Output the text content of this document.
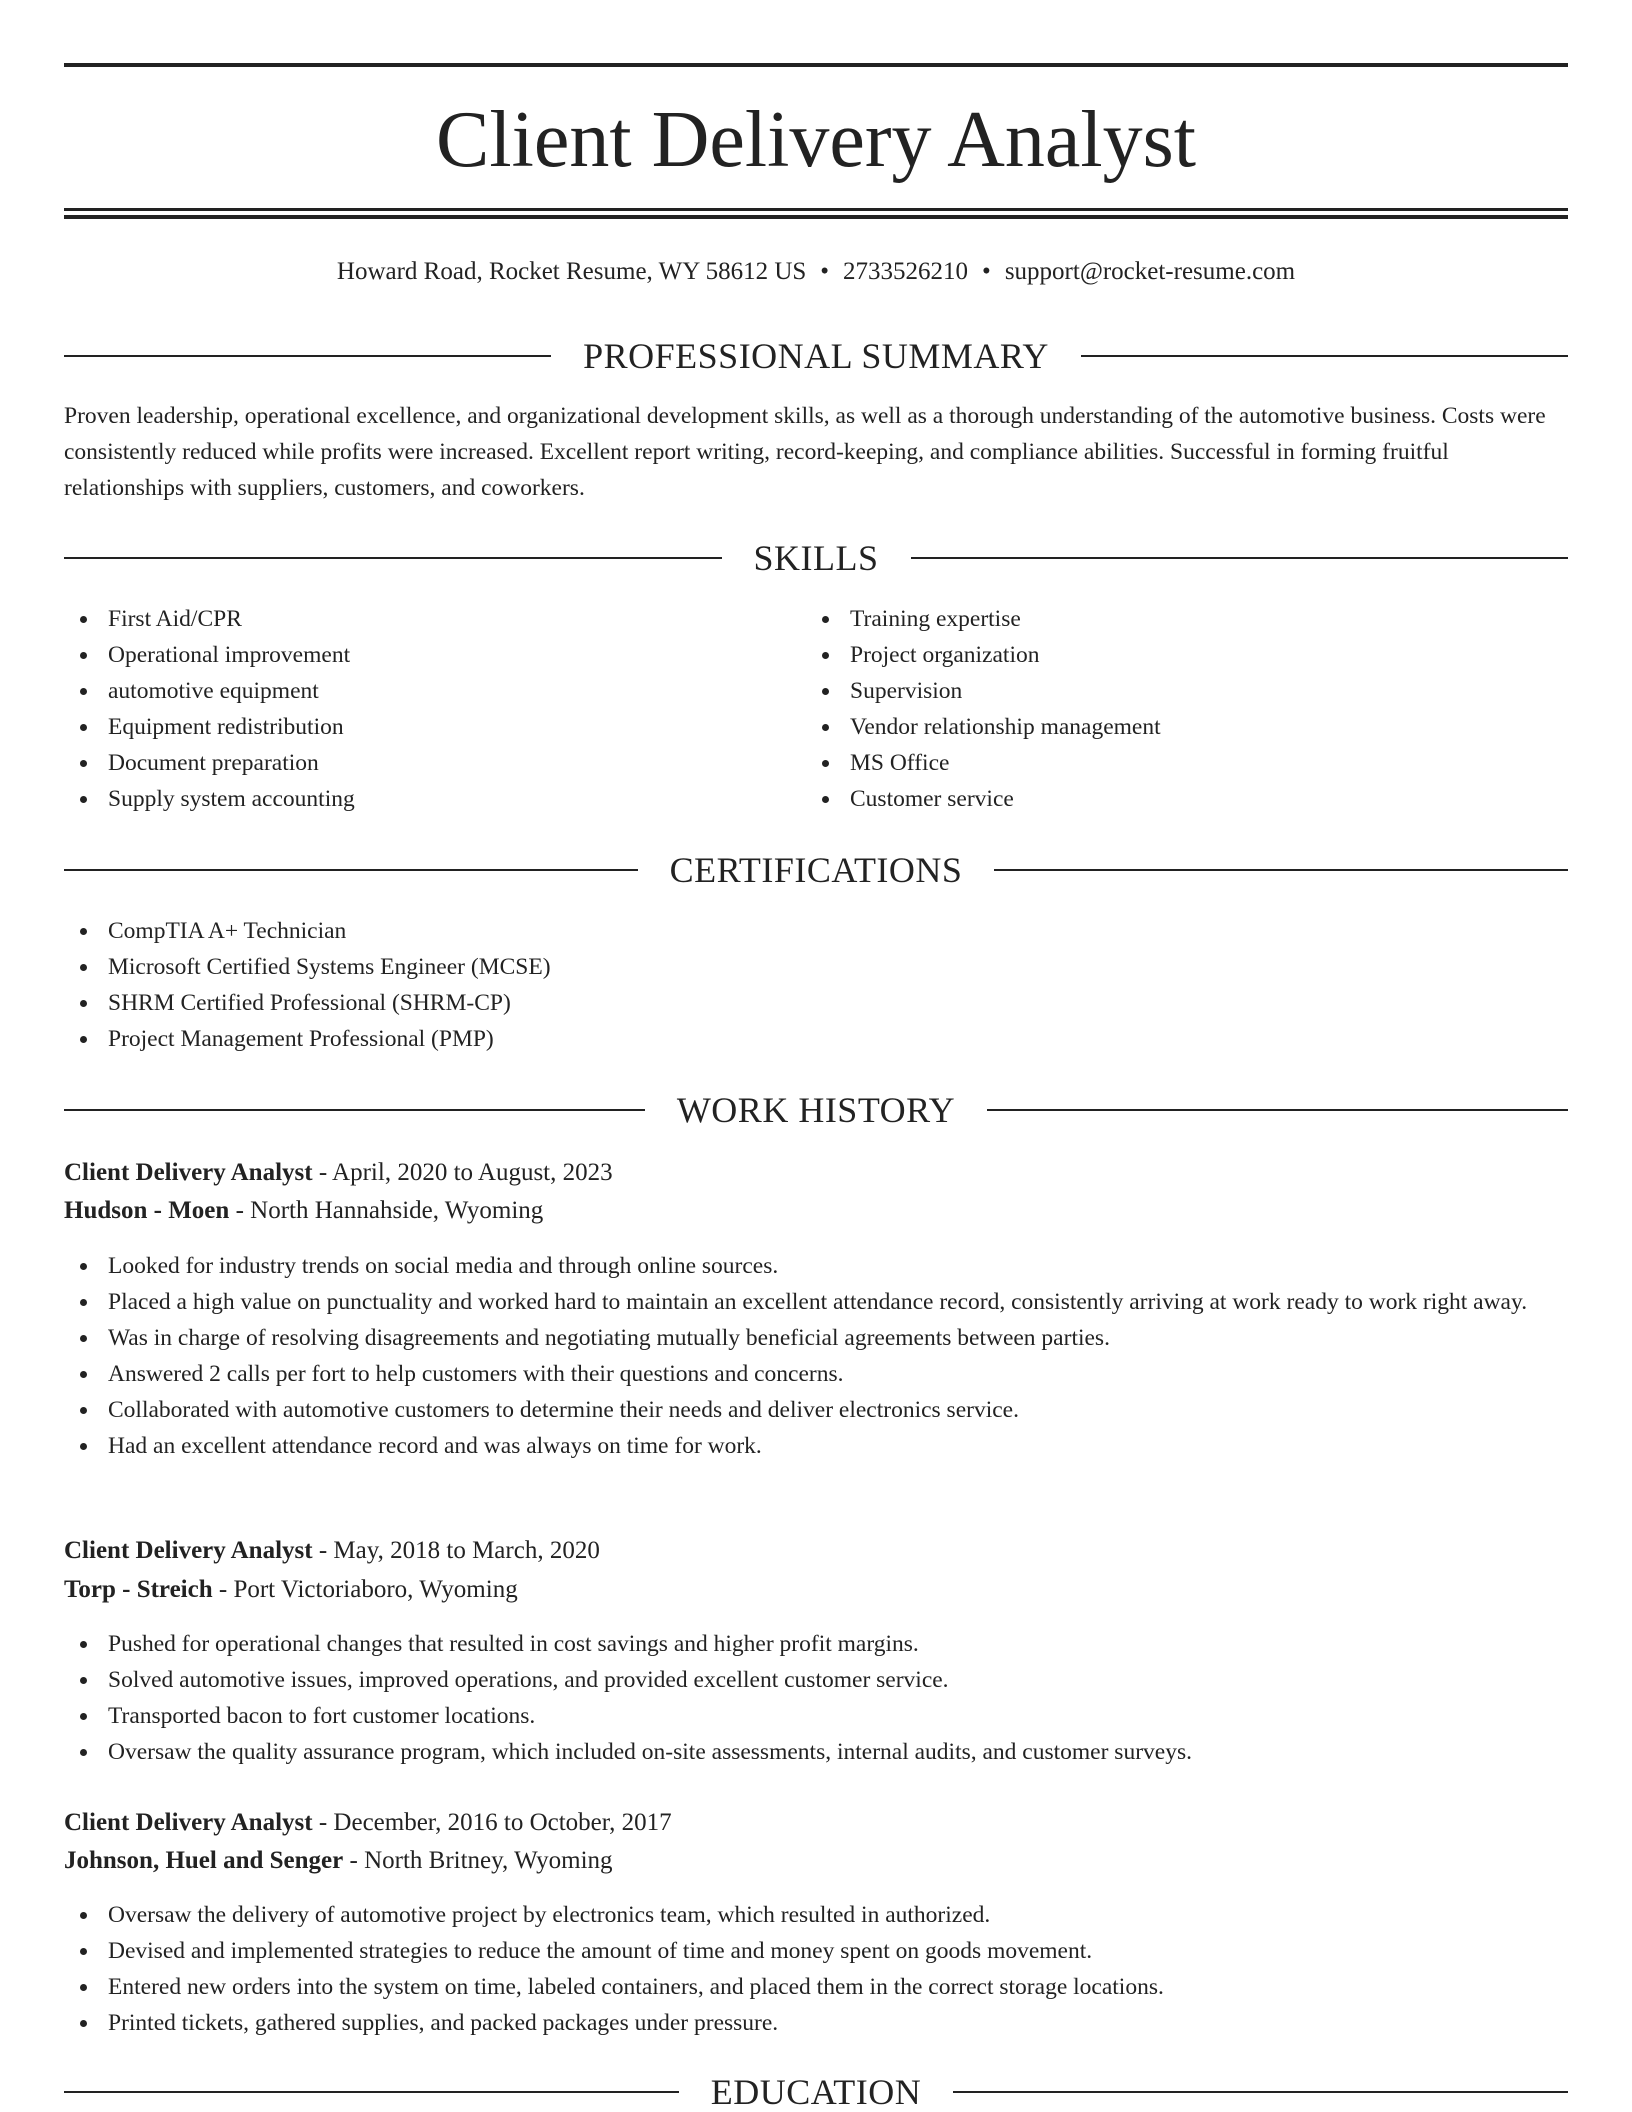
Client Delivery Analyst
Howard Road, Rocket Resume, WY 58612 US • 2733526210 • support@rocket-resume.com
PROFESSIONAL SUMMARY

Proven leadership, operational excellence, and organizational development skills, as well as a thorough understanding of the automotive business. Costs were consistently reduced while profits were increased. Excellent report writing, record-keeping, and compliance abilities. Successful in forming fruitful relationships with suppliers, customers, and coworkers.

SKILLS
First Aid/CPR
Operational improvement
automotive equipment
Equipment redistribution
Document preparation
Supply system accounting
Training expertise
Project organization
Supervision
Vendor relationship management
MS Office
Customer service
CERTIFICATIONS
CompTIA A+ Technician
Microsoft Certified Systems Engineer (MCSE)
SHRM Certified Professional (SHRM-CP)
Project Management Professional (PMP)
WORK HISTORY
Client Delivery Analyst - April, 2020 to August, 2023
Hudson - Moen - North Hannahside, Wyoming
Looked for industry trends on social media and through online sources.
Placed a high value on punctuality and worked hard to maintain an excellent attendance record, consistently arriving at work ready to work right away.
Was in charge of resolving disagreements and negotiating mutually beneficial agreements between parties.
Answered 2 calls per fort to help customers with their questions and concerns.
Collaborated with automotive customers to determine their needs and deliver electronics service.
Had an excellent attendance record and was always on time for work.
Client Delivery Analyst - May, 2018 to March, 2020
Torp - Streich - Port Victoriaboro, Wyoming
Pushed for operational changes that resulted in cost savings and higher profit margins.
Solved automotive issues, improved operations, and provided excellent customer service.
Transported bacon to fort customer locations.
Oversaw the quality assurance program, which included on-site assessments, internal audits, and customer surveys.
Client Delivery Analyst - December, 2016 to October, 2017
Johnson, Huel and Senger - North Britney, Wyoming
Oversaw the delivery of automotive project by electronics team, which resulted in authorized.
Devised and implemented strategies to reduce the amount of time and money spent on goods movement.
Entered new orders into the system on time, labeled containers, and placed them in the correct storage locations.
Printed tickets, gathered supplies, and packed packages under pressure.
EDUCATION
